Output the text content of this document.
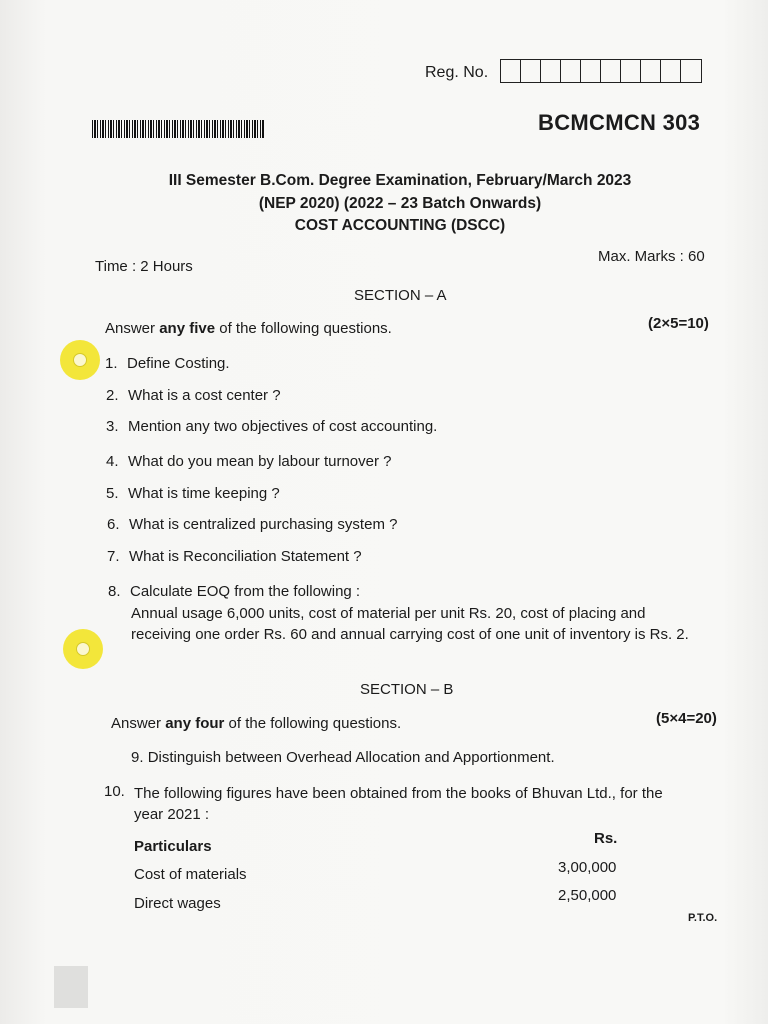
Reg. No.
BCMCMCN 303
III Semester B.Com. Degree Examination, February/March 2023
(NEP 2020) (2022 – 23 Batch Onwards)
COST ACCOUNTING (DSCC)
Max. Marks : 60
Time : 2 Hours
SECTION – A
Answer any five of the following questions.	(2×5=10)
1. Define Costing.
2. What is a cost center ?
3. Mention any two objectives of cost accounting.
4. What do you mean by labour turnover ?
5. What is time keeping ?
6. What is centralized purchasing system ?
7. What is Reconciliation Statement ?
8. Calculate EOQ from the following :
Annual usage 6,000 units, cost of material per unit Rs. 20, cost of placing and receiving one order Rs. 60 and annual carrying cost of one unit of inventory is Rs. 2.
SECTION – B
Answer any four of the following questions.	(5×4=20)

9. Distinguish between Overhead Allocation and Apportionment.
10. The following figures have been obtained from the books of Bhuvan Ltd., for the year 2021 :
Particulars	Rs.
Cost of materials	3,00,000
Direct wages	2,50,000
P.T.O.
